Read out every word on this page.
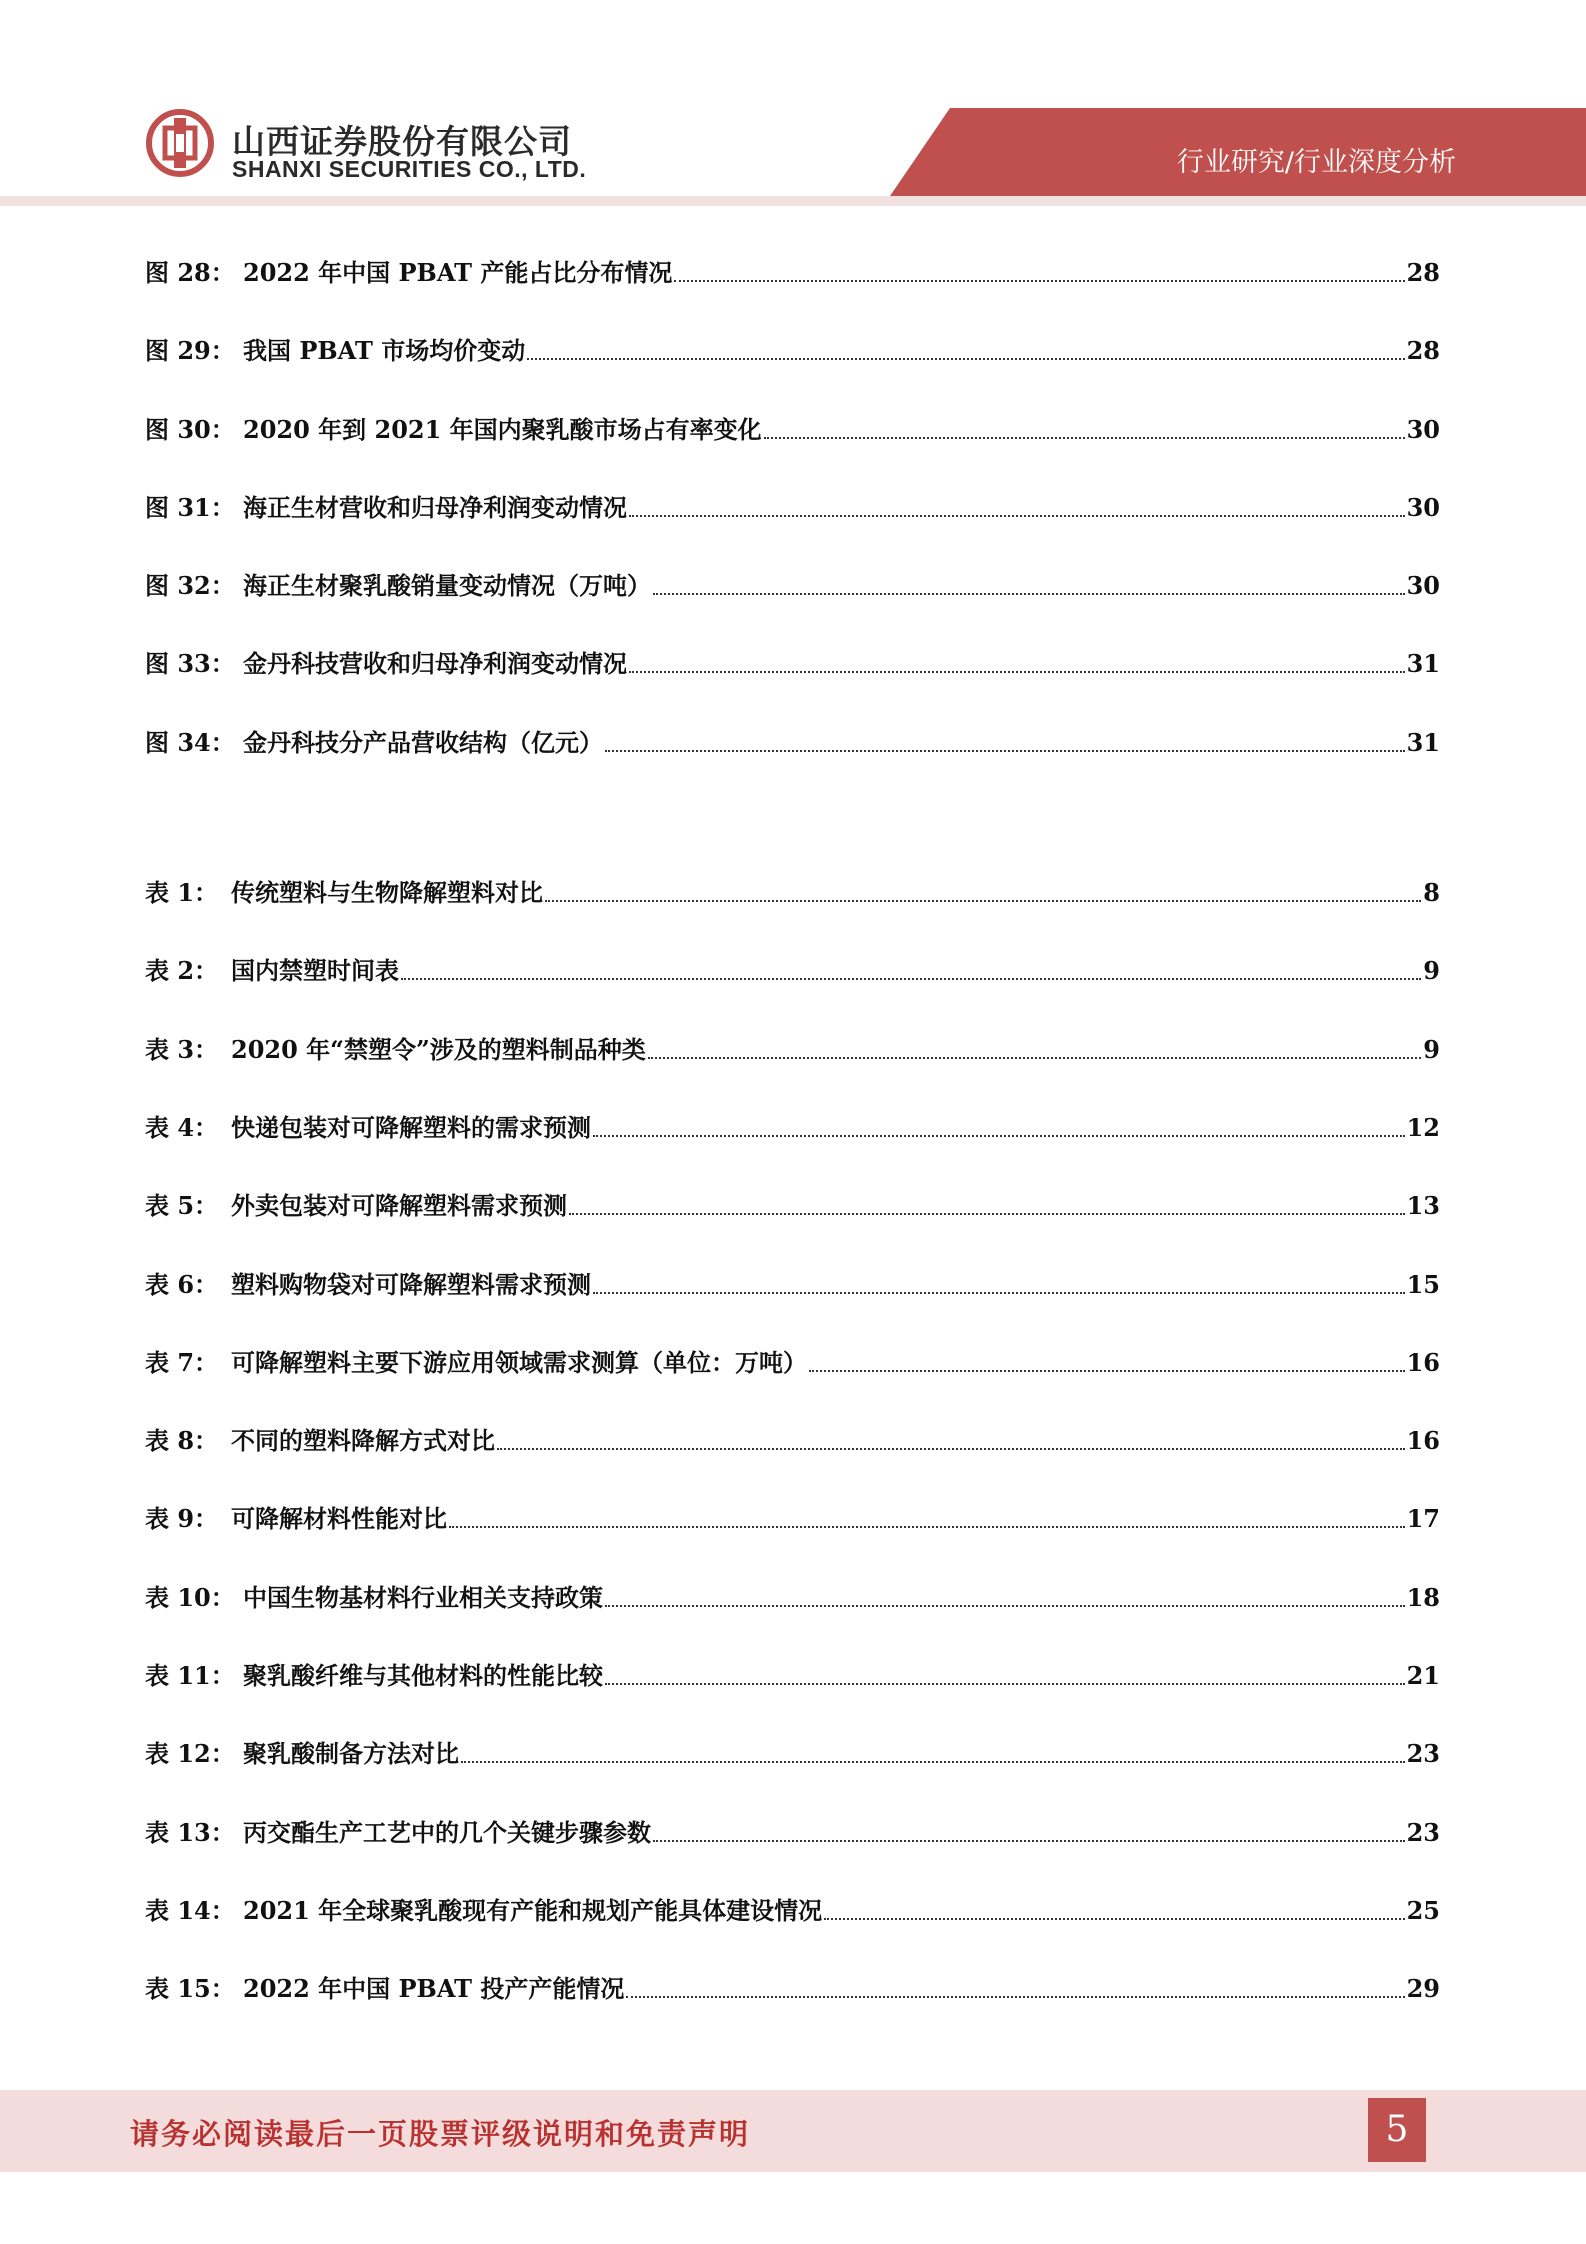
山西证券股份有限公司
SHANXI SECURITIES CO., LTD.	行业研究/行业深度分析
图 28： 2022 年中国 PBAT 产能占比分布情况	28
图 29： 我国 PBAT 市场均价变动	28
图 30： 2020 年到 2021 年国内聚乳酸市场占有率变化	30
图 31： 海正生材营收和归母净利润变动情况	30
图 32： 海正生材聚乳酸销量变动情况（万吨）	30
图 33： 金丹科技营收和归母净利润变动情况	31
图 34： 金丹科技分产品营收结构（亿元）	31
表 1： 传统塑料与生物降解塑料对比	8
表 2： 国内禁塑时间表	9
表 3： 2020 年“禁塑令”涉及的塑料制品种类	9
表 4： 快递包装对可降解塑料的需求预测	12
表 5： 外卖包装对可降解塑料需求预测	13
表 6： 塑料购物袋对可降解塑料需求预测	15
表 7： 可降解塑料主要下游应用领域需求测算（单位：万吨）	16
表 8： 不同的塑料降解方式对比	16
表 9： 可降解材料性能对比	17
表 10： 中国生物基材料行业相关支持政策	18
表 11： 聚乳酸纤维与其他材料的性能比较	21
表 12： 聚乳酸制备方法对比	23
表 13： 丙交酯生产工艺中的几个关键步骤参数	23
表 14： 2021 年全球聚乳酸现有产能和规划产能具体建设情况	25
表 15： 2022 年中国 PBAT 投产产能情况	29
请务必阅读最后一页股票评级说明和免责声明	5
